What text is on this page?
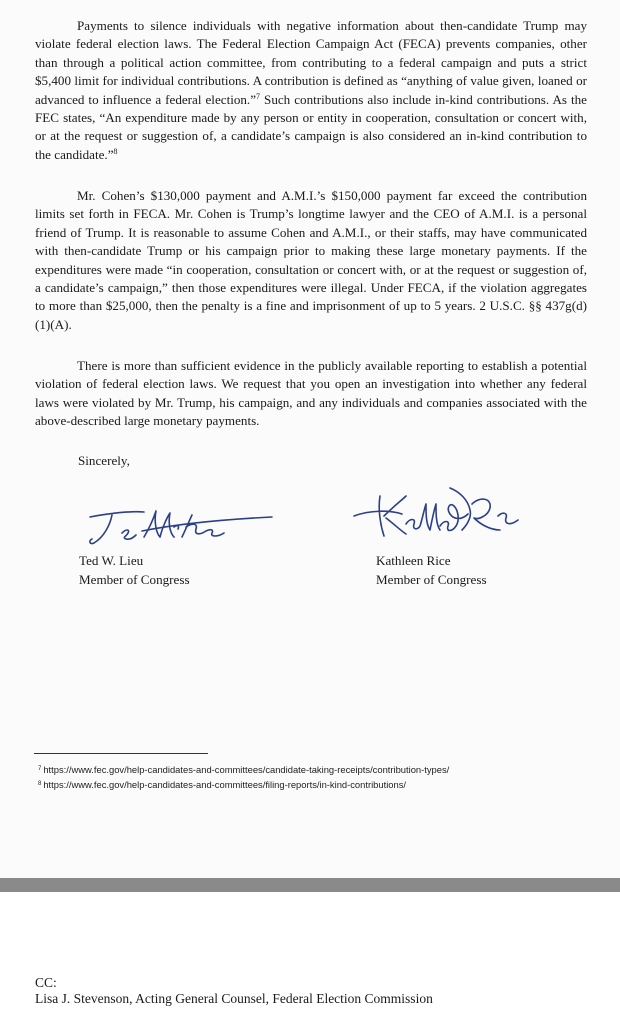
Payments to silence individuals with negative information about then-candidate Trump may violate federal election laws. The Federal Election Campaign Act (FECA) prevents companies, other than through a political action committee, from contributing to a federal campaign and puts a strict $5,400 limit for individual contributions. A contribution is defined as “anything of value given, loaned or advanced to influence a federal election.”$^7$ Such contributions also include in-kind contributions. As the FEC states, “An expenditure made by any person or entity in cooperation, consultation or concert with, or at the request or suggestion of, a candidate’s campaign is also considered an in-kind contribution to the candidate.”$^8$

Mr. Cohen’s $130,000 payment and A.M.I.’s $150,000 payment far exceed the contribution limits set forth in FECA. Mr. Cohen is Trump’s longtime lawyer and the CEO of A.M.I. is a personal friend of Trump. It is reasonable to assume Cohen and A.M.I., or their staffs, may have communicated with then-candidate Trump or his campaign prior to making these large monetary payments. If the expenditures were made “in cooperation, consultation or concert with, or at the request or suggestion of, a candidate’s campaign,” then those expenditures were illegal. Under FECA, if the violation aggregates to more than $25,000, then the penalty is a fine and imprisonment of up to 5 years. 2 U.S.C. §§ 437g(d)(1)(A).

There is more than sufficient evidence in the publicly available reporting to establish a potential violation of federal election laws. We request that you open an investigation into whether any federal laws were violated by Mr. Trump, his campaign, and any individuals and companies associated with the above-described large monetary payments.

Sincerely,
Ted W. Lieu
Member of Congress
Kathleen Rice
Member of Congress
$^7$ https://www.fec.gov/help-candidates-and-committees/candidate-taking-receipts/contribution-types/
$^8$ https://www.fec.gov/help-candidates-and-committees/filing-reports/in-kind-contributions/
CC:
Lisa J. Stevenson, Acting General Counsel, Federal Election Commission
